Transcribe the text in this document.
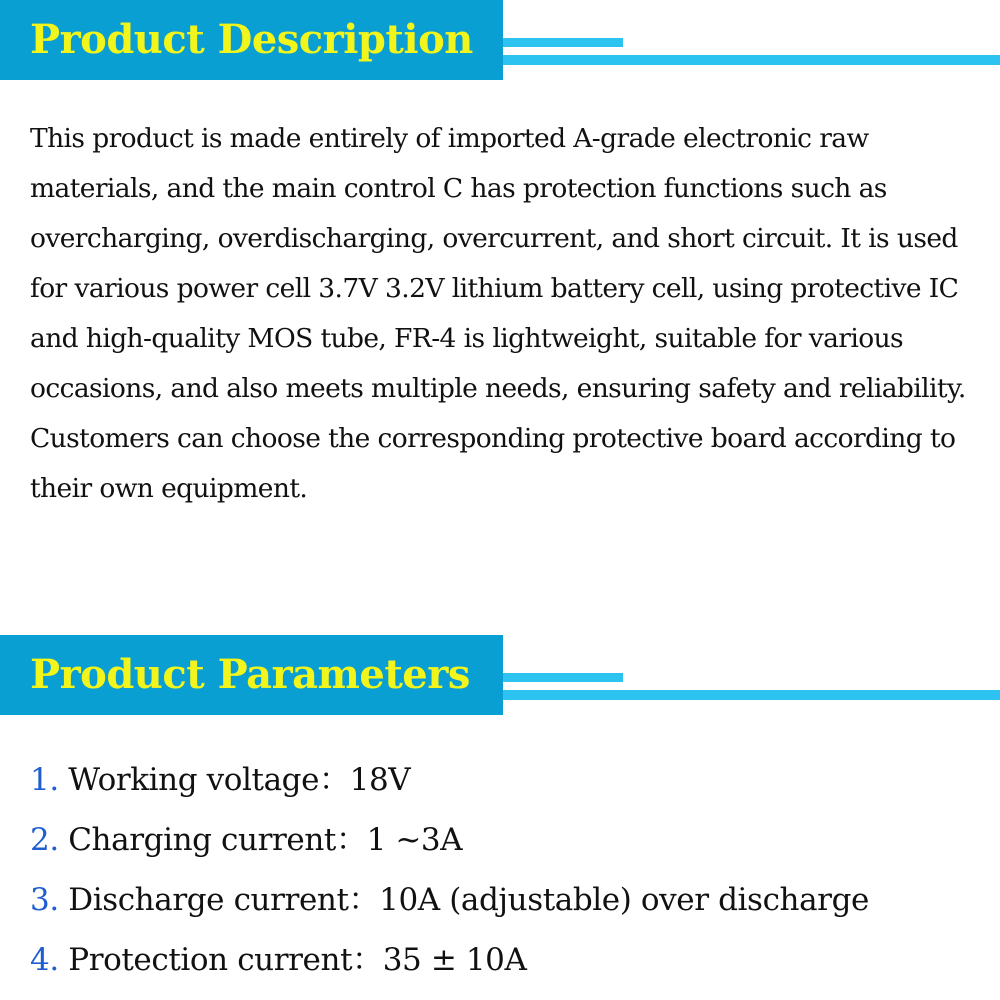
Product Description

This product is made entirely of imported A-grade electronic raw materials, and the main control C has protection functions such as overcharging, overdischarging, overcurrent, and short circuit. It is used for various power cell 3.7V 3.2V lithium battery cell, using protective IC and high-quality MOS tube, FR-4 is lightweight, suitable for various occasions, and also meets multiple needs, ensuring safety and reliability. Customers can choose the corresponding protective board according to their own equipment.

Product Parameters
1. Working voltage：18V
2. Charging current：1 ~3A
3. Discharge current：10A (adjustable) over discharge
4. Protection current：35 ± 10A
